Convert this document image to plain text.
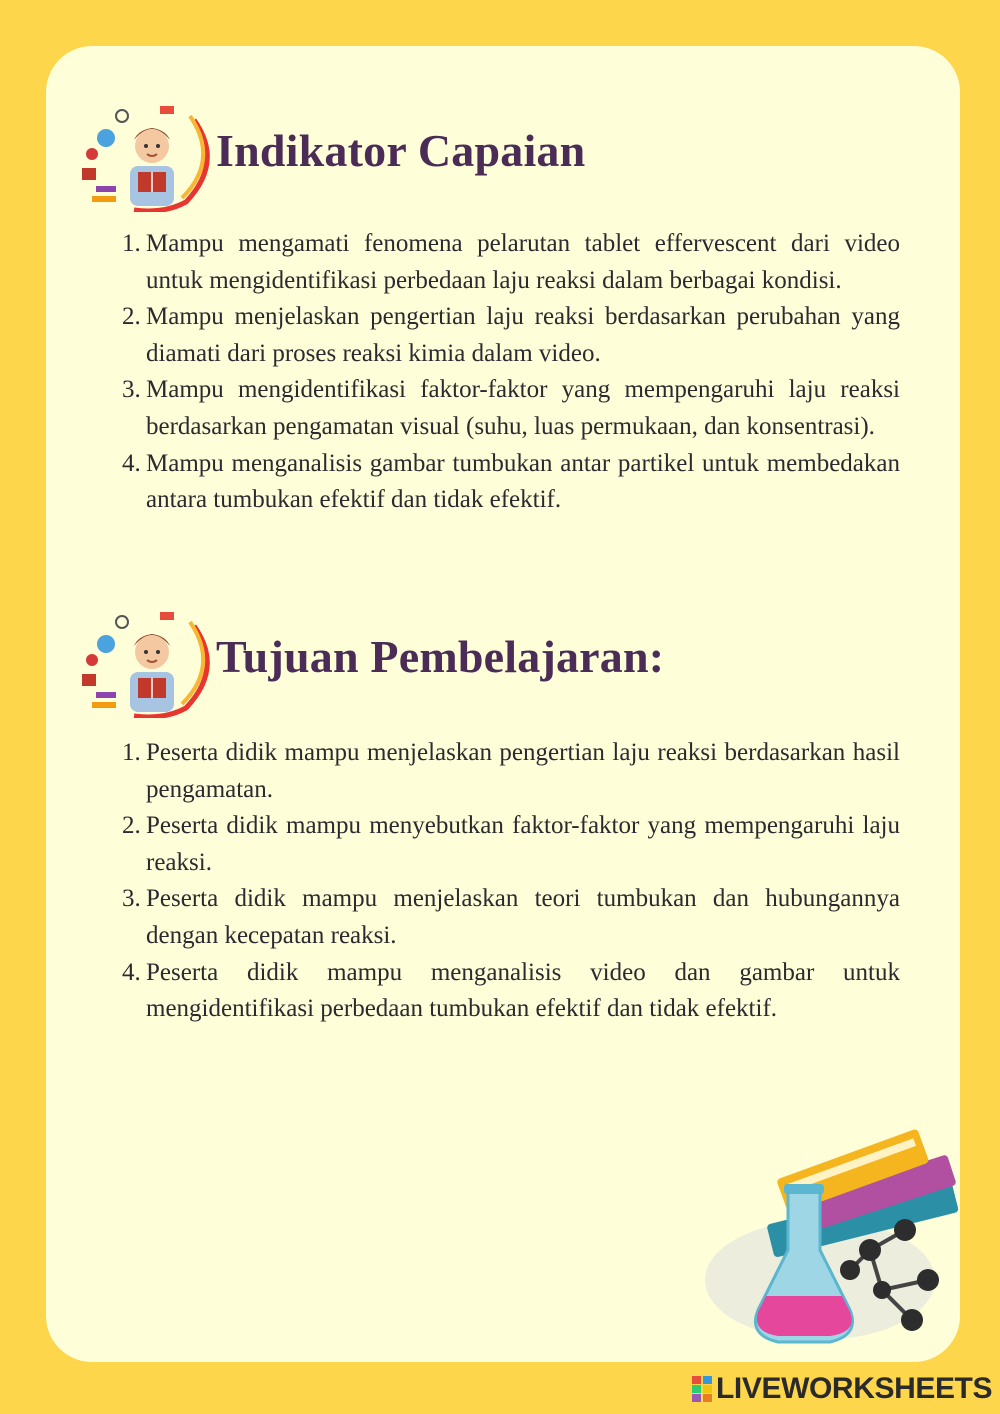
Indikator Capaian
1. Mampu mengamati fenomena pelarutan tablet effervescent dari video untuk mengidentifikasi perbedaan laju reaksi dalam berbagai kondisi.
2. Mampu menjelaskan pengertian laju reaksi berdasarkan perubahan yang diamati dari proses reaksi kimia dalam video.
3. Mampu mengidentifikasi faktor-faktor yang mempengaruhi laju reaksi berdasarkan pengamatan visual (suhu, luas permukaan, dan konsentrasi).
4. Mampu menganalisis gambar tumbukan antar partikel untuk membedakan antara tumbukan efektif dan tidak efektif.
Tujuan Pembelajaran:
1. Peserta didik mampu menjelaskan pengertian laju reaksi berdasarkan hasil pengamatan.
2. Peserta didik mampu menyebutkan faktor-faktor yang mempengaruhi laju reaksi.
3. Peserta didik mampu menjelaskan teori tumbukan dan hubungannya dengan kecepatan reaksi.
4. Peserta didik mampu menganalisis video dan gambar untuk mengidentifikasi perbedaan tumbukan efektif dan tidak efektif.
LIVEWORKSHEETS
